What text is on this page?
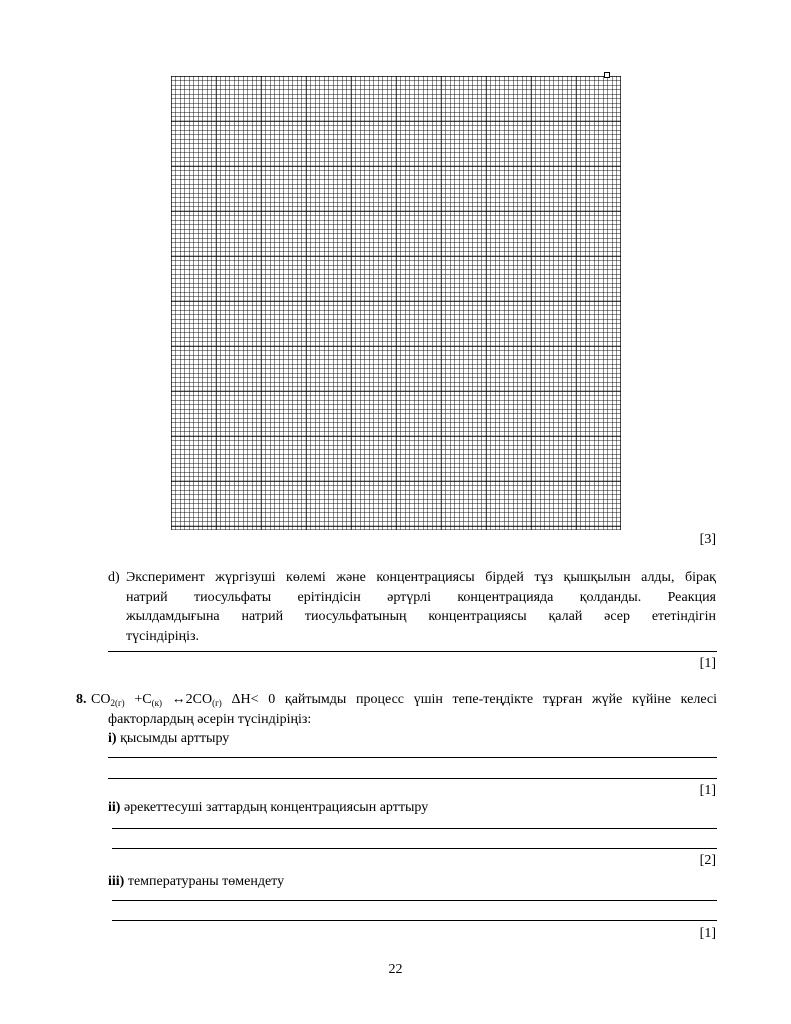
[3]
d) Эксперимент жүргізуші көлемі және концентрациясы бірдей тұз қышқылын алды, бірақ
натрий тиосульфаты ерітіндісін әртүрлі концентрацияда қолданды. Реакция
жылдамдығына натрий тиосульфатының концентрациясы қалай әсер ететіндігін
түсіндіріңіз.
[1]
8. $CO_{2(г)} +C_{(к)}$ $\leftrightarrow 2CO_{(г)}$ ΔH< 0 қайтымды процесс үшін тепе-теңдікте тұрған жүйе күйіне келесі
факторлардың әсерін түсіндіріңіз:
i) қысымды арттыру
[1]
ii) әрекеттесуші заттардың концентрациясын арттыру
[2]
iii) температураны төмендету
[1]
22
